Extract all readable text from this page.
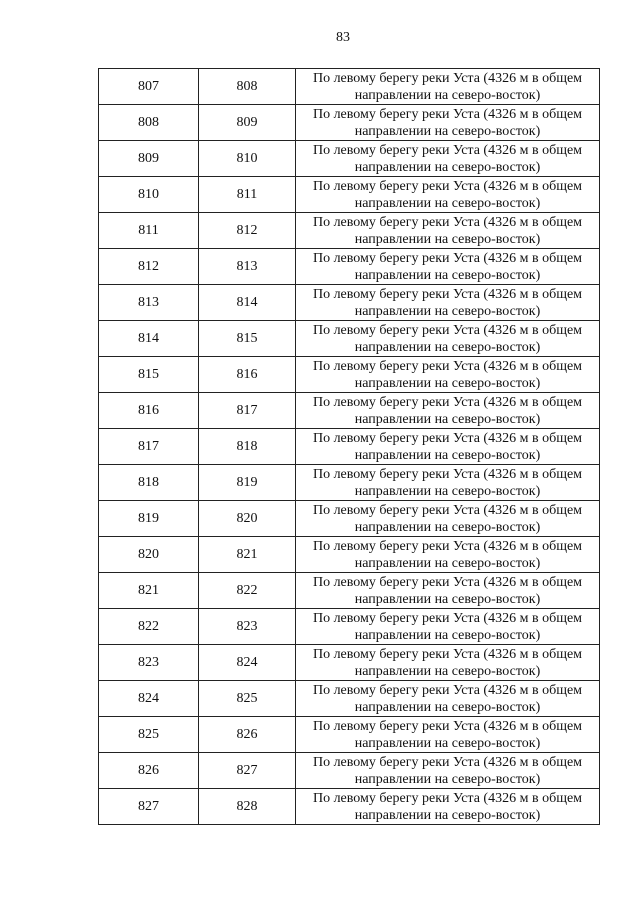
83
807	808	По левому берегу реки Уста (4326 м в общем
направлении на северо-восток)

808	809	По левому берегу реки Уста (4326 м в общем
направлении на северо-восток)

809	810	По левому берегу реки Уста (4326 м в общем
направлении на северо-восток)

810	811	По левому берегу реки Уста (4326 м в общем
направлении на северо-восток)

811	812	По левому берегу реки Уста (4326 м в общем
направлении на северо-восток)

812	813	По левому берегу реки Уста (4326 м в общем
направлении на северо-восток)

813	814	По левому берегу реки Уста (4326 м в общем
направлении на северо-восток)

814	815	По левому берегу реки Уста (4326 м в общем
направлении на северо-восток)

815	816	По левому берегу реки Уста (4326 м в общем
направлении на северо-восток)

816	817	По левому берегу реки Уста (4326 м в общем
направлении на северо-восток)

817	818	По левому берегу реки Уста (4326 м в общем
направлении на северо-восток)

818	819	По левому берегу реки Уста (4326 м в общем
направлении на северо-восток)

819	820	По левому берегу реки Уста (4326 м в общем
направлении на северо-восток)

820	821	По левому берегу реки Уста (4326 м в общем
направлении на северо-восток)

821	822	По левому берегу реки Уста (4326 м в общем
направлении на северо-восток)

822	823	По левому берегу реки Уста (4326 м в общем
направлении на северо-восток)

823	824	По левому берегу реки Уста (4326 м в общем
направлении на северо-восток)

824	825	По левому берегу реки Уста (4326 м в общем
направлении на северо-восток)

825	826	По левому берегу реки Уста (4326 м в общем
направлении на северо-восток)

826	827	По левому берегу реки Уста (4326 м в общем
направлении на северо-восток)

827	828	По левому берегу реки Уста (4326 м в общем
направлении на северо-восток)
